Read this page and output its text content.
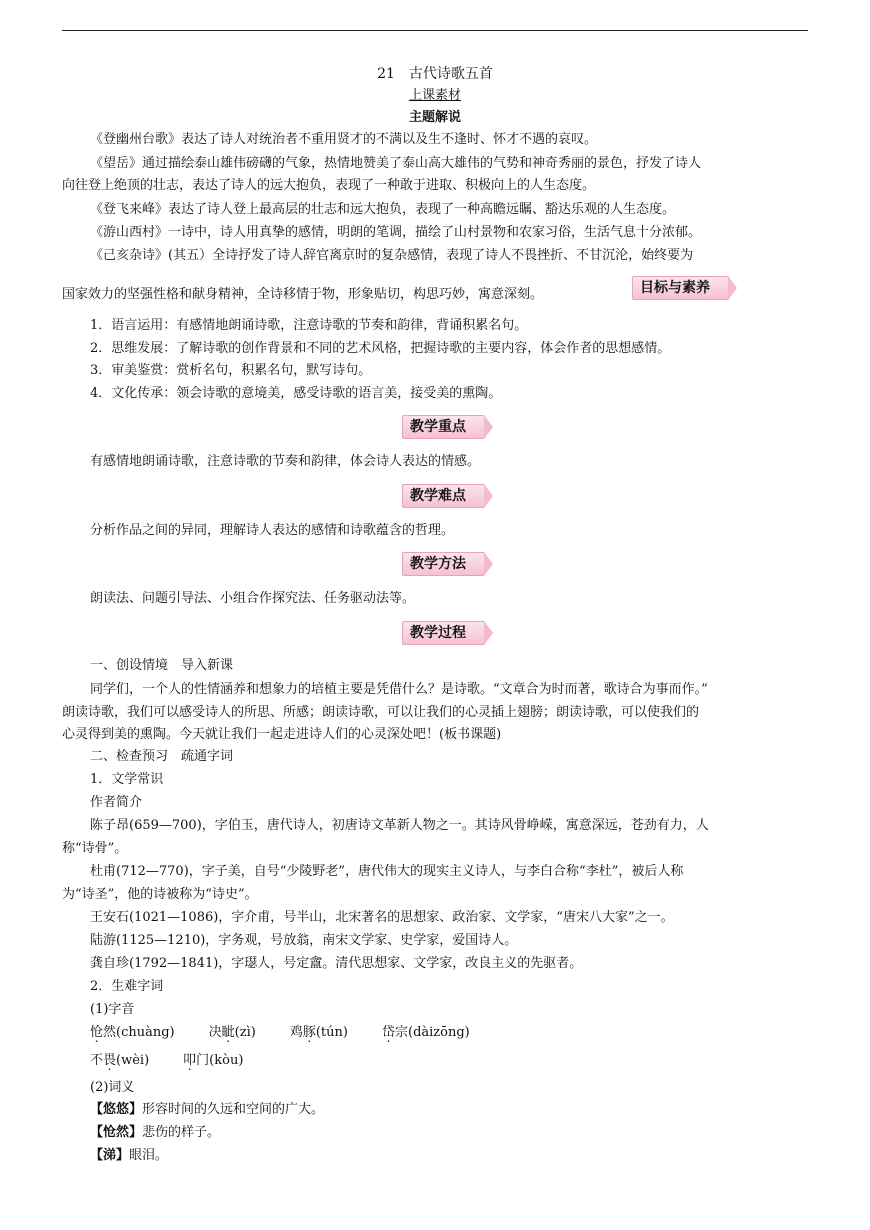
21　古代诗歌五首
上课素材
主题解说
《登幽州台歌》表达了诗人对统治者不重用贤才的不满以及生不逢时、怀才不遇的哀叹。
《望岳》通过描绘泰山雄伟磅礴的气象，热情地赞美了泰山高大雄伟的气势和神奇秀丽的景色，抒发了诗人
向往登上绝顶的壮志，表达了诗人的远大抱负，表现了一种敢于进取、积极向上的人生态度。
《登飞来峰》表达了诗人登上最高层的壮志和远大抱负，表现了一种高瞻远瞩、豁达乐观的人生态度。
《游山西村》一诗中，诗人用真挚的感情，明朗的笔调，描绘了山村景物和农家习俗，生活气息十分浓郁。
《己亥杂诗》(其五）全诗抒发了诗人辞官离京时的复杂感情，表现了诗人不畏挫折、不甘沉沦，始终要为
国家效力的坚强性格和献身精神，全诗移情于物，形象贴切，构思巧妙，寓意深刻。	目标与素养
1．语言运用：有感情地朗诵诗歌，注意诗歌的节奏和韵律，背诵积累名句。
2．思维发展：了解诗歌的创作背景和不同的艺术风格，把握诗歌的主要内容，体会作者的思想感情。
3．审美鉴赏：赏析名句，积累名句，默写诗句。
4．文化传承：领会诗歌的意境美，感受诗歌的语言美，接受美的熏陶。
教学重点
有感情地朗诵诗歌，注意诗歌的节奏和韵律，体会诗人表达的情感。
教学难点
分析作品之间的异同，理解诗人表达的感情和诗歌蕴含的哲理。
教学方法
朗读法、问题引导法、小组合作探究法、任务驱动法等。
教学过程
一、创设情境　导入新课
同学们，一个人的性情涵养和想象力的培植主要是凭借什么？是诗歌。“文章合为时而著，歌诗合为事而作。”
朗读诗歌，我们可以感受诗人的所思、所感；朗读诗歌，可以让我们的心灵插上翅膀；朗读诗歌，可以使我们的
心灵得到美的熏陶。今天就让我们一起走进诗人们的心灵深处吧！(板书课题)
二、检查预习　疏通字词
1．文学常识
作者简介
陈子昂(659—700)，字伯玉，唐代诗人，初唐诗文革新人物之一。其诗风骨峥嵘，寓意深远，苍劲有力，人
称“诗骨”。
杜甫(712—770)，字子美，自号“少陵野老”，唐代伟大的现实主义诗人，与李白合称“李杜”，被后人称
为“诗圣”，他的诗被称为“诗史”。
王安石(1021—1086)，字介甫，号半山，北宋著名的思想家、政治家、文学家，“唐宋八大家”之一。
陆游(1125—1210)，字务观，号放翁，南宋文学家、史学家，爱国诗人。
龚自珍(1792—1841)，字璱人，号定盦。清代思想家、文学家，改良主义的先驱者。
2．生难字词
(1)字音
怆然(chuàng)	决眦(zì)	鸡豚(tún)	岱宗(dàizōng)
不畏(wèi)	叩门(kòu)
(2)词义
【悠悠】形容时间的久远和空间的广大。
【怆然】悲伤的样子。
【涕】眼泪。
